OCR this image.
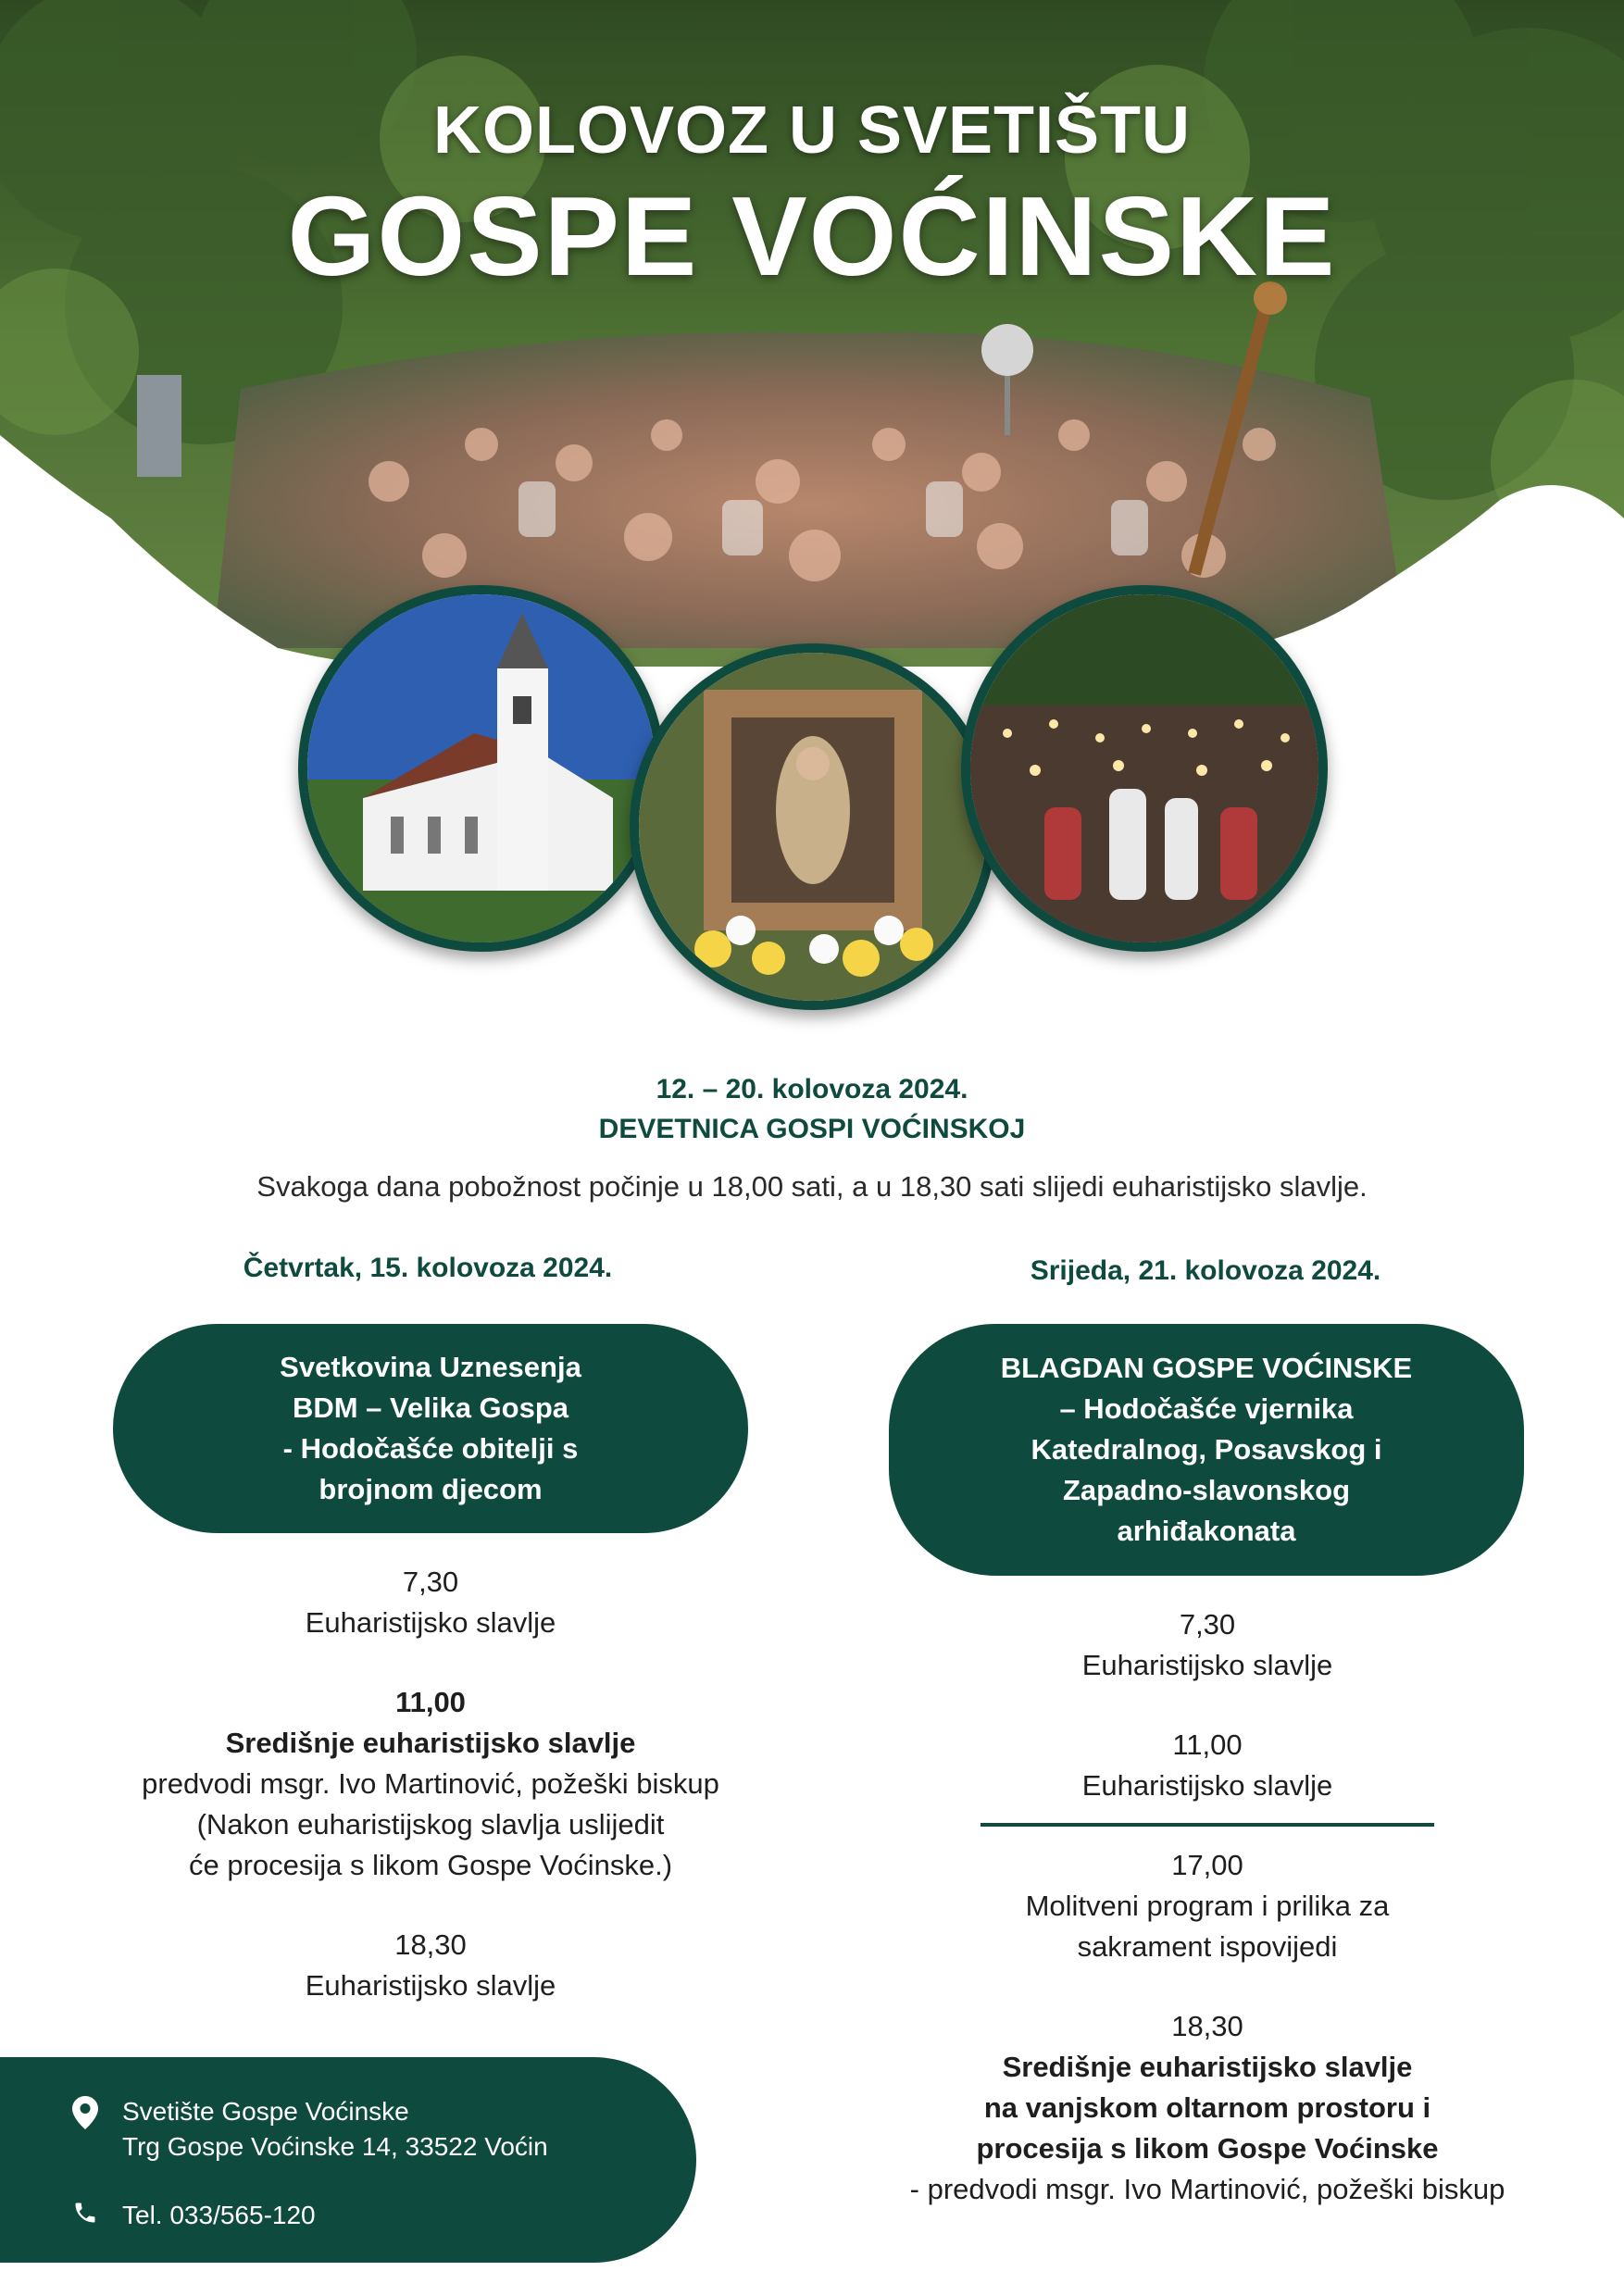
KOLOVOZ U SVETIŠTU
GOSPE VOĆINSKE
12. – 20. kolovoza 2024.
DEVETNICA GOSPI VOĆINSKOJ
Svakoga dana pobožnost počinje u 18,00 sati, a u 18,30 sati slijedi euharistijsko slavlje.
Četvrtak, 15. kolovoza 2024.
Svetkovina Uznesenja
BDM – Velika Gospa
- Hodočašće obitelji s
brojnom djecom
7,30
Euharistijsko slavlje
11,00
Središnje euharistijsko slavlje
predvodi msgr. Ivo Martinović, požeški biskup
(Nakon euharistijskog slavlja uslijedit
će procesija s likom Gospe Voćinske.)
18,30
Euharistijsko slavlje
Srijeda, 21. kolovoza 2024.
BLAGDAN GOSPE VOĆINSKE
– Hodočašće vjernika
Katedralnog, Posavskog i
Zapadno-slavonskog
arhiđakonata
7,30
Euharistijsko slavlje
11,00
Euharistijsko slavlje
17,00
Molitveni program i prilika za
sakrament ispovijedi
18,30
Središnje euharistijsko slavlje
na vanjskom oltarnom prostoru i
procesija s likom Gospe Voćinske
- predvodi msgr. Ivo Martinović, požeški biskup
Svetište Gospe Voćinske
Trg Gospe Voćinske 14, 33522 Voćin
Tel. 033/565-120
